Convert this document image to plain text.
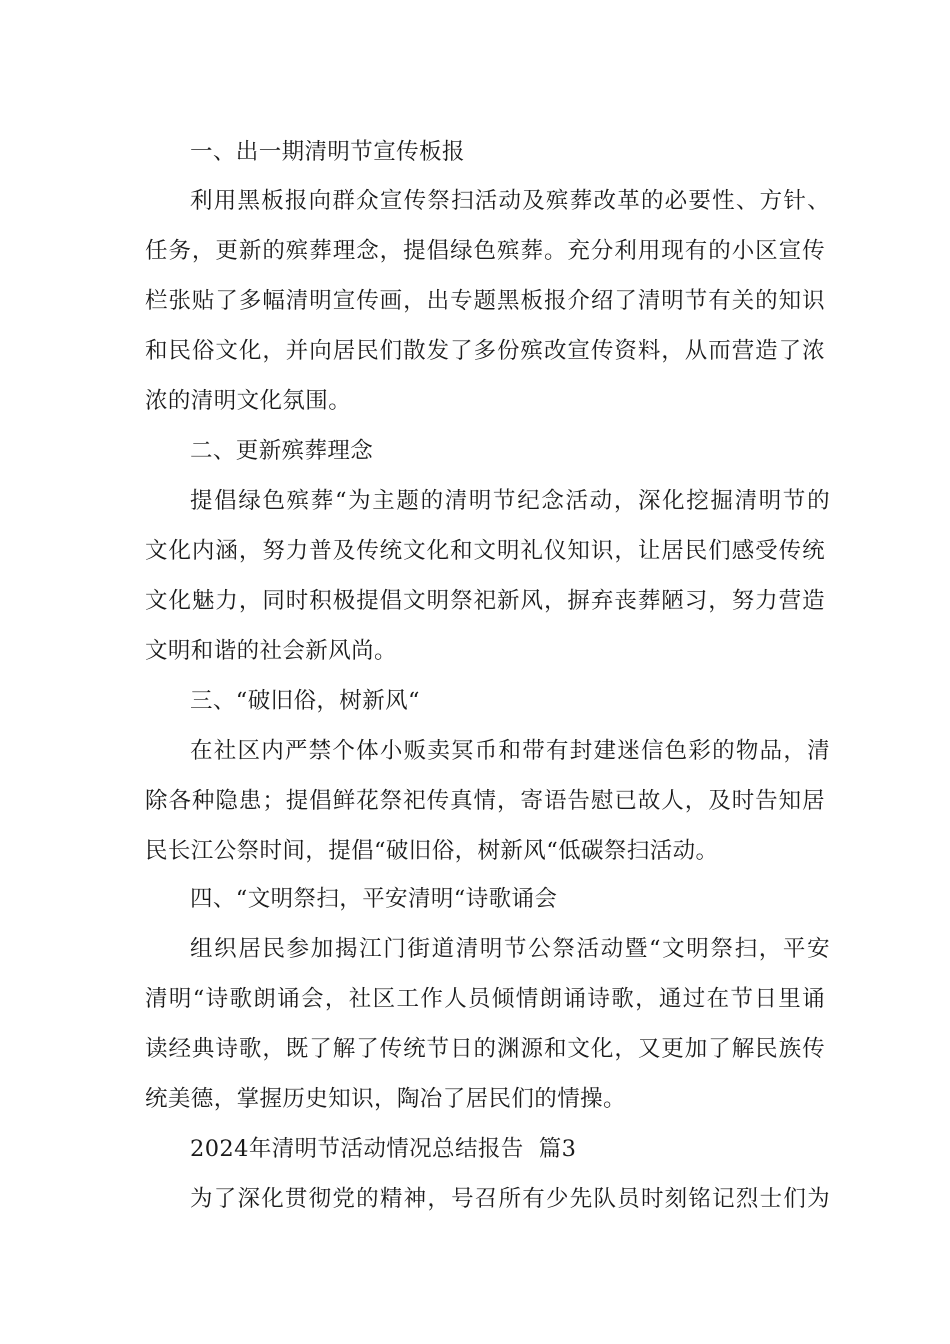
一、出一期清明节宣传板报
利用黑板报向群众宣传祭扫活动及殡葬改革的必要性、方针、
任务，更新的殡葬理念，提倡绿色殡葬。充分利用现有的小区宣传
栏张贴了多幅清明宣传画，出专题黑板报介绍了清明节有关的知识
和民俗文化，并向居民们散发了多份殡改宣传资料，从而营造了浓
浓的清明文化氛围。
二、更新殡葬理念
提倡绿色殡葬“为主题的清明节纪念活动，深化挖掘清明节的
文化内涵，努力普及传统文化和文明礼仪知识，让居民们感受传统
文化魅力，同时积极提倡文明祭祀新风，摒弃丧葬陋习，努力营造
文明和谐的社会新风尚。
三、“破旧俗，树新风“
在社区内严禁个体小贩卖冥币和带有封建迷信色彩的物品，清
除各种隐患；提倡鲜花祭祀传真情，寄语告慰已故人，及时告知居
民长江公祭时间，提倡“破旧俗，树新风“低碳祭扫活动。
四、“文明祭扫，平安清明“诗歌诵会
组织居民参加揭江门街道清明节公祭活动暨“文明祭扫，平安
清明“诗歌朗诵会，社区工作人员倾情朗诵诗歌，通过在节日里诵
读经典诗歌，既了解了传统节日的渊源和文化，又更加了解民族传
统美德，掌握历史知识，陶冶了居民们的情操。
2024年清明节活动情况总结报告  篇3
为了深化贯彻党的精神，号召所有少先队员时刻铭记烈士们为
